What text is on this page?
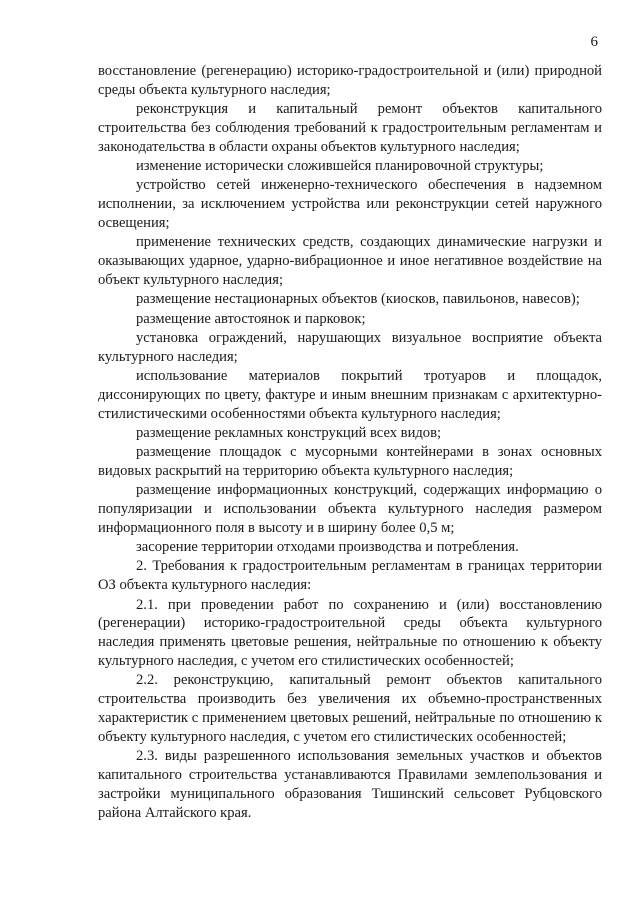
6

восстановление (регенерацию) историко-градостроительной и (или) природной среды объекта культурного наследия;

реконструкция и капитальный ремонт объектов капитального строительства без соблюдения требований к градостроительным регламентам и законодательства в области охраны объектов культурного наследия;

изменение исторически сложившейся планировочной структуры;

устройство сетей инженерно-технического обеспечения в надземном исполнении, за исключением устройства или реконструкции сетей наружного освещения;

применение технических средств, создающих динамические нагрузки и оказывающих ударное, ударно-вибрационное и иное негативное воздействие на объект культурного наследия;

размещение нестационарных объектов (киосков, павильонов, навесов);

размещение автостоянок и парковок;

установка ограждений, нарушающих визуальное восприятие объекта культурного наследия;

использование материалов покрытий тротуаров и площадок, диссонирующих по цвету, фактуре и иным внешним признакам с архитектурно-стилистическими особенностями объекта культурного наследия;

размещение рекламных конструкций всех видов;

размещение площадок с мусорными контейнерами в зонах основных видовых раскрытий на территорию объекта культурного наследия;

размещение информационных конструкций, содержащих информацию о популяризации и использовании объекта культурного наследия размером информационного поля в высоту и в ширину более 0,5 м;

засорение территории отходами производства и потребления.

2. Требования к градостроительным регламентам в границах территории ОЗ объекта культурного наследия:

2.1. при проведении работ по сохранению и (или) восстановлению (регенерации) историко-градостроительной среды объекта культурного наследия применять цветовые решения, нейтральные по отношению к объекту культурного наследия, с учетом его стилистических особенностей;

2.2. реконструкцию, капитальный ремонт объектов капитального строительства производить без увеличения их объемно-пространственных характеристик с применением цветовых решений, нейтральные по отношению к объекту культурного наследия, с учетом его стилистических особенностей;

2.3. виды разрешенного использования земельных участков и объектов капитального строительства устанавливаются Правилами землепользования и застройки муниципального образования Тишинский сельсовет Рубцовского района Алтайского края.
